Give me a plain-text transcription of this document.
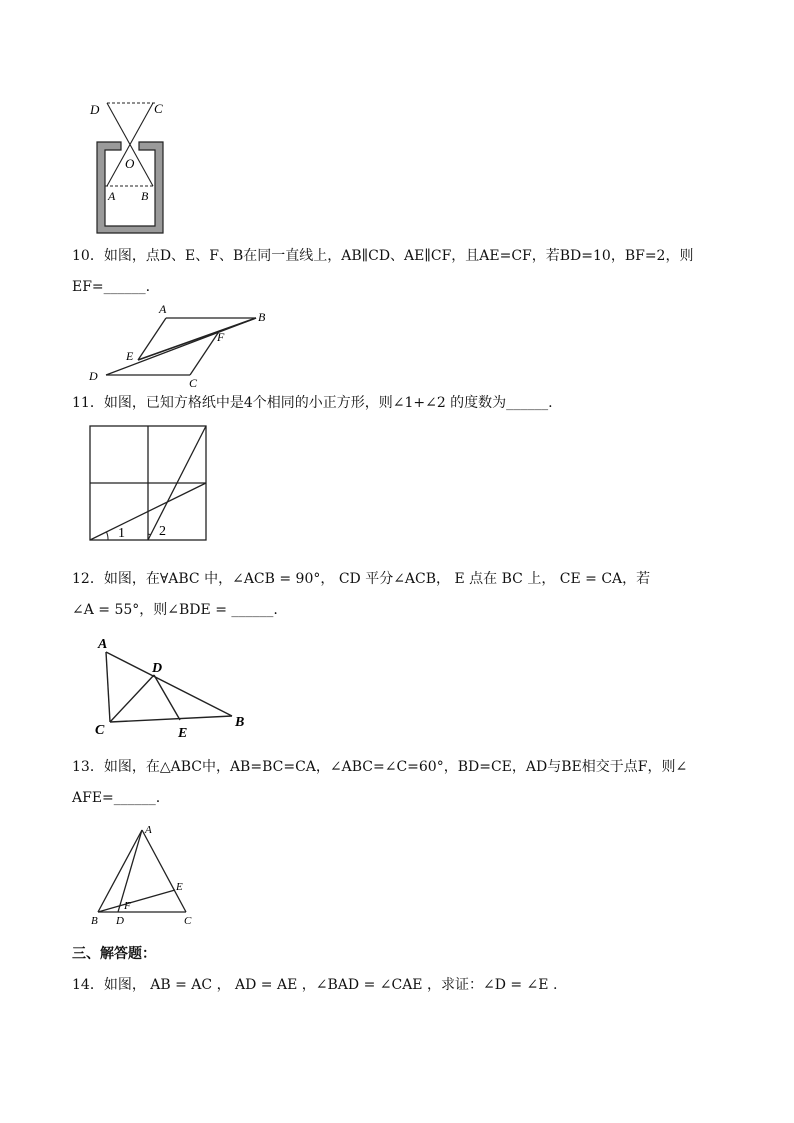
D	C
O
A B
10．如图，点D、E、F、B在同一直线上，AB∥CD、AE∥CF，且AE=CF，若BD=10，BF=2，则
EF=______.
A
B
E
F
D	C
11．如图，已知方格纸中是4个相同的小正方形，则∠1+∠2 的度数为______.
1 2
12．如图，在∀ABC 中，∠ACB = 90°， CD 平分∠ACB， E 点在 BC 上， CE = CA，若
∠A = 55°，则∠BDE = ______.
A
D
C	E
B
13．如图，在△ABC中，AB=BC=CA，∠ABC=∠C=60°，BD=CE，AD与BE相交于点F，则∠
AFE=______.
A
E
F
B D	C
三、解答题：
14．如图， AB = AC ， AD = AE ，∠BAD = ∠CAE ，求证：∠D = ∠E .
